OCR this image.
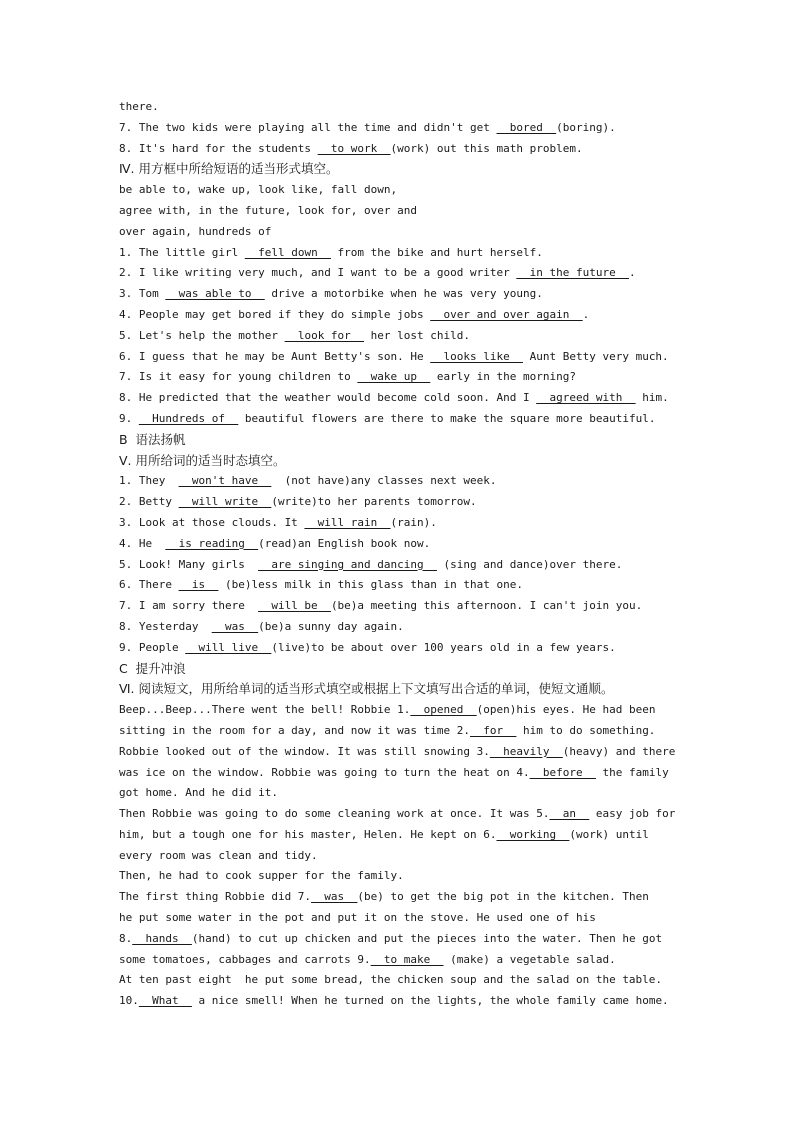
there.
7. The two kids were playing all the time and didn't get __bored__(boring).
8. It's hard for the students __to work__(work) out this math problem.
Ⅳ. 用方框中所给短语的适当形式填空。
be able to, wake up, look like, fall down,
agree with, in the future, look for, over and
over again, hundreds of
1. The little girl __fell down__ from the bike and hurt herself.
2. I like writing very much, and I want to be a good writer __in the future__.
3. Tom __was able to__ drive a motorbike when he was very young.
4. People may get bored if they do simple jobs __over and over again__.
5. Let's help the mother __look for__ her lost child.
6. I guess that he may be Aunt Betty's son. He __looks like__ Aunt Betty very much.
7. Is it easy for young children to __wake up__ early in the morning?
8. He predicted that the weather would become cold soon. And I __agreed with__ him.
9. __Hundreds of__ beautiful flowers are there to make the square more beautiful.
B  语法扬帆
Ⅴ. 用所给词的适当时态填空。
1. They  __won't have__  (not have)any classes next week.
2. Betty __will write__(write)to her parents tomorrow.
3. Look at those clouds. It __will rain__(rain).
4. He  __is reading__(read)an English book now.
5. Look! Many girls  __are singing and dancing__ (sing and dance)over there.
6. There __is__ (be)less milk in this glass than in that one.
7. I am sorry there  __will be__(be)a meeting this afternoon. I can't join you.
8. Yesterday  __was__(be)a sunny day again.
9. People __will live__(live)to be about over 100 years old in a few years.
C  提升冲浪
Ⅵ. 阅读短文，用所给单词的适当形式填空或根据上下文填写出合适的单词，使短文通顺。
Beep...Beep...There went the bell! Robbie 1.__opened__(open)his eyes. He had been
sitting in the room for a day, and now it was time 2.__for__ him to do something.
Robbie looked out of the window. It was still snowing 3.__heavily__(heavy) and there
was ice on the window. Robbie was going to turn the heat on 4.__before__ the family
got home. And he did it.
Then Robbie was going to do some cleaning work at once. It was 5.__an__ easy job for
him, but a tough one for his master, Helen. He kept on 6.__working__(work) until
every room was clean and tidy.
Then, he had to cook supper for the family.
The first thing Robbie did 7.__was__(be) to get the big pot in the kitchen. Then
he put some water in the pot and put it on the stove. He used one of his
8.__hands__(hand) to cut up chicken and put the pieces into the water. Then he got
some tomatoes, cabbages and carrots 9.__to make__ (make) a vegetable salad.
At ten past eight  he put some bread, the chicken soup and the salad on the table.
10.__What__ a nice smell! When he turned on the lights, the whole family came home.
